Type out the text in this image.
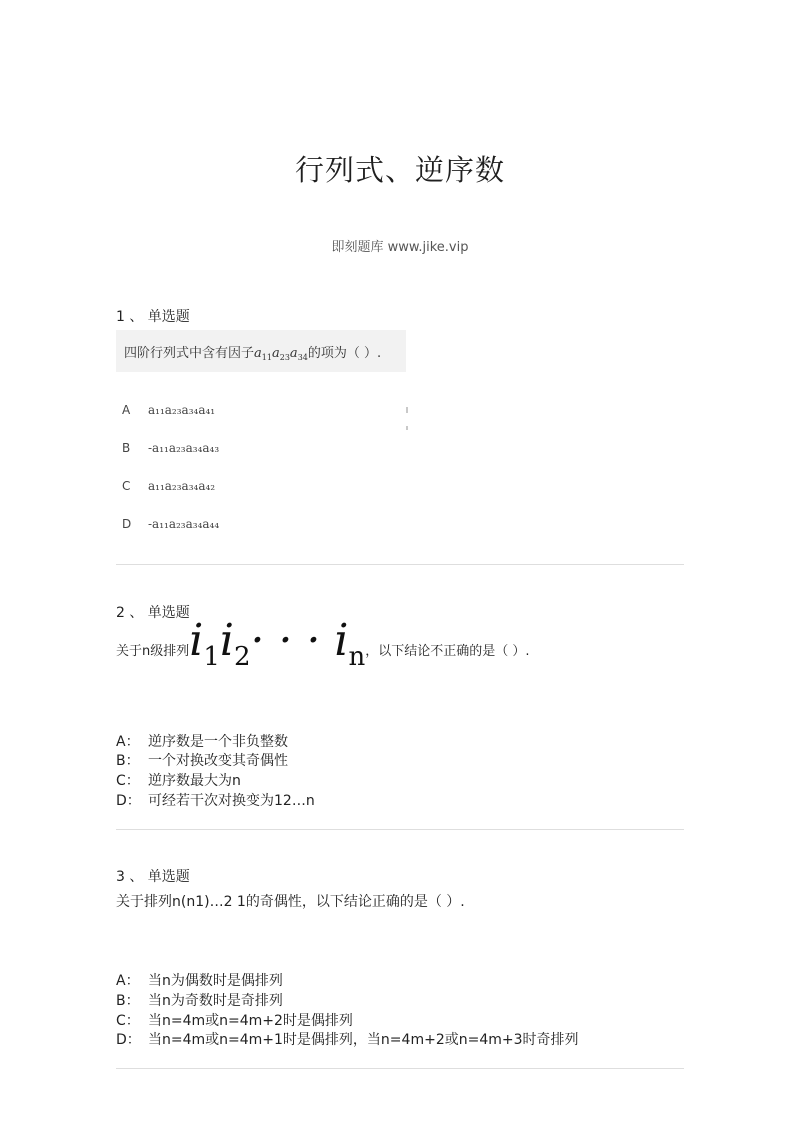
行列式、逆序数
即刻题库 www.jike.vip
1 、 单选题
四阶行列式中含有因子$a_{11}a_{23}a_{34}$的项为（ ）.
A a₁₁a₂₃a₃₄a₄₁
B -a₁₁a₂₃a₃₄a₄₃
C a₁₁a₂₃a₃₄a₄₂
D -a₁₁a₂₃a₃₄a₄₄
2 、 单选题
关于n级排列$i_1i_2\cdot$ · · $i_n$，以下结论不正确的是（ ）.
A： 逆序数是一个非负整数
B： 一个对换改变其奇偶性
C： 逆序数最大为n
D： 可经若干次对换变为12…n
3 、 单选题
关于排列n(n1)…2 1的奇偶性，以下结论正确的是（ ）.
A： 当n为偶数时是偶排列
B： 当n为奇数时是奇排列
C： 当n=4m或n=4m+2时是偶排列
D： 当n=4m或n=4m+1时是偶排列，当n=4m+2或n=4m+3时奇排列
